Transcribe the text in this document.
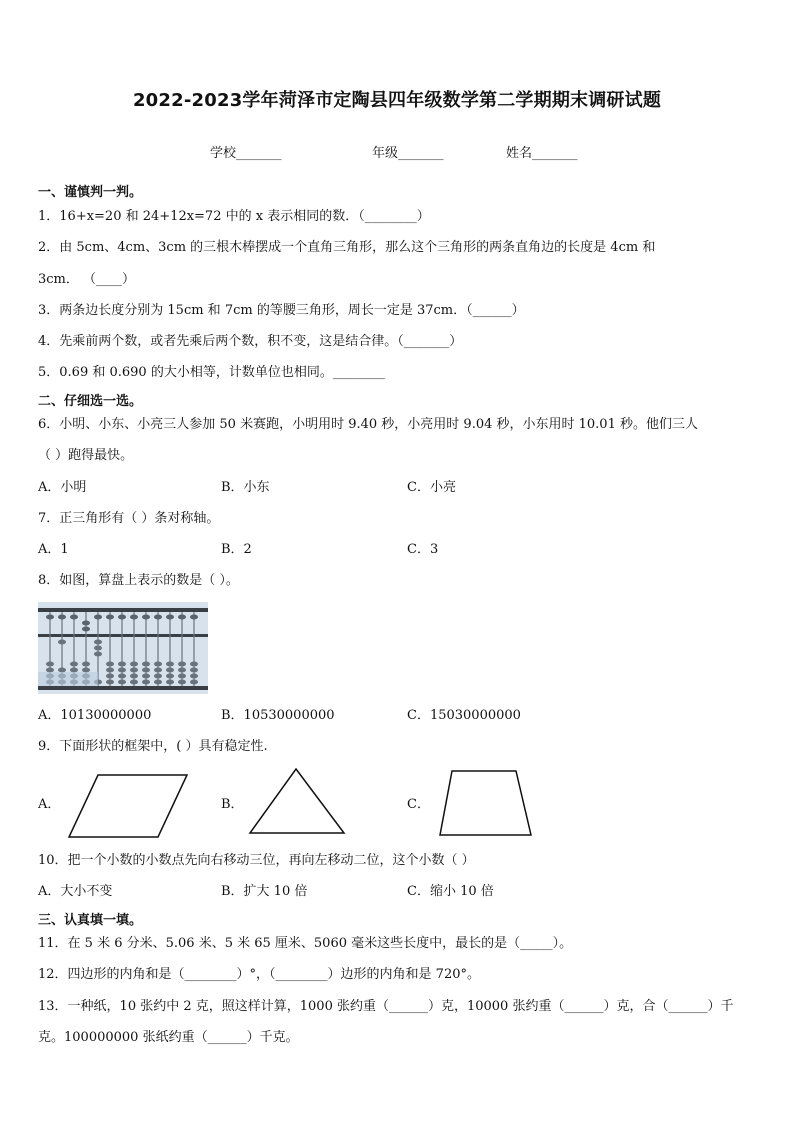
2022-2023学年菏泽市定陶县四年级数学第二学期期末调研试题
学校_______	年级_______	姓名_______
一、谨慎判一判。
1．16+x=20 和 24+12x=72 中的 x 表示相同的数．（________）
2．由 5cm、4cm、3cm 的三根木棒摆成一个直角三角形，那么这个三角形的两条直角边的长度是 4cm 和
3cm． （____）
3．两条边长度分别为 15cm 和 7cm 的等腰三角形，周长一定是 37cm．（______）
4．先乘前两个数，或者先乘后两个数，积不变，这是结合律。（_______）
5．0.69 和 0.690 的大小相等，计数单位也相同。________
二、仔细选一选。
6．小明、小东、小亮三人参加 50 米赛跑，小明用时 9.40 秒，小亮用时 9.04 秒，小东用时 10.01 秒。他们三人
（ ）跑得最快。
A．小明	B．小东	C．小亮
7．正三角形有（ ）条对称轴。
A．1	B．2	C．3
8．如图，算盘上表示的数是（ ）。
A．10130000000	B．10530000000	C．15030000000
9．下面形状的框架中，( ）具有稳定性.
A．	B．	C．
10．把一个小数的小数点先向右移动三位，再向左移动二位，这个小数（ ）
A．大小不变	B．扩大 10 倍	C．缩小 10 倍
三、认真填一填。
11．在 5 米 6 分米、5.06 米、5 米 65 厘米、5060 毫米这些长度中，最长的是（_____）。
12．四边形的内角和是（________）°，（________）边形的内角和是 720°。
13．一种纸，10 张约中 2 克，照这样计算，1000 张约重（______）克，10000 张约重（______）克，合（______）千
克。100000000 张纸约重（______）千克。
